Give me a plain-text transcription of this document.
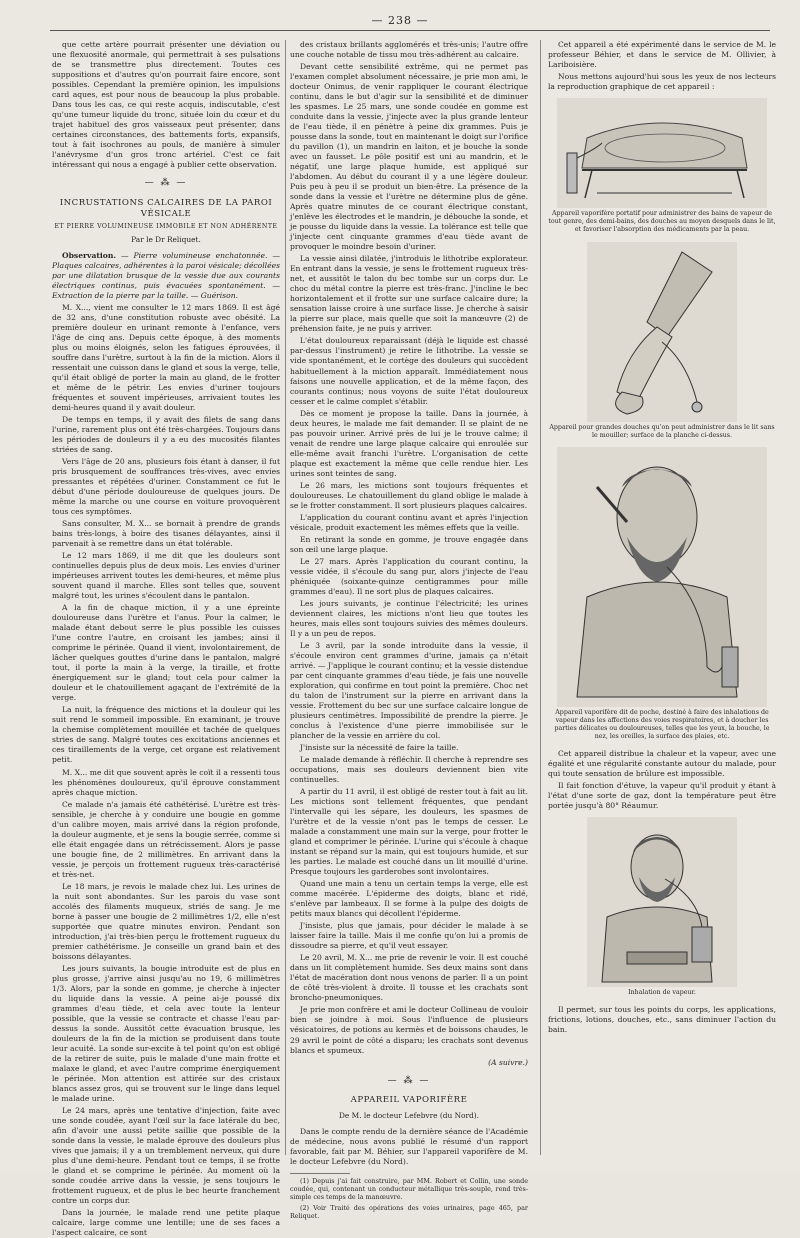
— 238 —

que cette artère pourrait présenter une déviation ou une flexuosité anormale, qui permettrait à ses pulsations de se transmettre plus directement. Toutes ces suppositions et d'autres qu'on pourrait faire encore, sont possibles. Cependant la première opinion, les impulsions card aques, est pour nous de beaucoup la plus probable. Dans tous les cas, ce qui reste acquis, indiscutable, c'est qu'une tumeur liquide du tronc, située loin du cœur et du trajet habituel des gros vaisseaux peut présenter, dans certaines circonstances, des battements forts, expansifs, tout à fait isochrones au pouls, de manière à simuler l'anévrysme d'un gros tronc artériel. C'est ce fait intéressant qui nous a engagé à publier cette observation.

— ⁂ —
INCRUSTATIONS CALCAIRES DE LA PAROI VÉSICALE
ET PIERRE VOLUMINEUSE IMMOBILE ET NON ADHÉRENTE
Par le Dr Reliquet.

Observation. — Pierre volumineuse enchatonnée. — Plaques calcaires, adhérentes à la paroi vésicale; décollées par une dilatation brusque de la vessie due aux courants électriques continus, puis évacuées spontanément. — Extraction de la pierre par la taille. — Guérison.

M. X..., vient me consulter le 12 mars 1869. Il est âgé de 32 ans, d'une constitution robuste avec obésité. La première douleur en urinant remonte à l'enfance, vers l'âge de cinq ans. Depuis cette époque, à des moments plus ou moins éloignés, selon les fatigues éprouvées, il souffre dans l'urètre, surtout à la fin de la miction. Alors il ressentait une cuisson dans le gland et sous la verge, telle, qu'il était obligé de porter la main au gland, de le frotter et même de le pétrir. Les envies d'uriner toujours fréquentes et souvent impérieuses, arrivaient toutes les demi-heures quand il y avait douleur.

De temps en temps, il y avait des filets de sang dans l'urine, rarement plus ont été très-chargées. Toujours dans les périodes de douleurs il y a eu des mucosités filantes striées de sang.

Vers l'âge de 20 ans, plusieurs fois étant à danser, il fut pris brusquement de souffrances très-vives, avec envies pressantes et répétées d'uriner. Constamment ce fut le début d'une période douloureuse de quelques jours. De même la marche ou une course en voiture provoquèrent tous ces symptômes.

Sans consulter, M. X... se bornait à prendre de grands bains très-longs, à boire des tisanes délayantes, ainsi il parvenait à se remettre dans un état tolérable.

Le 12 mars 1869, il me dit que les douleurs sont continuelles depuis plus de deux mois. Les envies d'uriner impérieuses arrivent toutes les demi-heures, et même plus souvent quand il marche. Elles sont telles que, souvent malgré tout, les urines s'écoulent dans le pantalon.

A la fin de chaque miction, il y a une épreinte douloureuse dans l'urètre et l'anus. Pour la calmer, le malade étant debout serre le plus possible les cuisses l'une contre l'autre, en croisant les jambes; ainsi il comprime le périnée. Quand il vient, involontairement, de lâcher quelques gouttes d'urine dans le pantalon, malgré tout, il porte la main à la verge, la tiraille, et frotte énergiquement sur le gland; tout cela pour calmer la douleur et le chatouillement agaçant de l'extrémité de la verge.

La nuit, la fréquence des mictions et la douleur qui les suit rend le sommeil impossible. En examinant, je trouve la chemise complètement mouillée et tachée de quelques stries de sang. Malgré toutes ces excitations anciennes et ces tiraillements de la verge, cet organe est relativement petit.

M. X... me dit que souvent après le coït il a ressenti tous les phénomènes douloureux, qu'il éprouve constamment après chaque miction.

Ce malade n'a jamais été cathétérisé. L'urètre est très-sensible, je cherche à y conduire une bougie en gomme d'un calibre moyen, mais arrivé dans la région profonde, la douleur augmente, et je sens la bougie serrée, comme si elle était engagée dans un rétrécissement. Alors je passe une bougie fine, de 2 millimètres. En arrivant dans la vessie, je perçois un frottement rugueux très-caractérisé et très-net.

Le 18 mars, je revois le malade chez lui. Les urines de la nuit sont abondantes. Sur les parois du vase sont accolés des filaments muqueux, striés de sang. Je me borne à passer une bougie de 2 millimètres 1/2, elle n'est supportée que quatre minutes environ. Pendant son introduction, j'ai très-bien perçu le frottement rugueux du premier cathétérisme. Je conseille un grand bain et des boissons délayantes.

Les jours suivants, la bougie introduite est de plus en plus grosse, j'arrive ainsi jusqu'au no 19, 6 millimètres 1/3. Alors, par la sonde en gomme, je cherche à injecter du liquide dans la vessie. A peine ai-je poussé dix grammes d'eau tiède, et cela avec toute la lenteur possible, que la vessie se contracte et chasse l'eau par-dessus la sonde. Aussitôt cette évacuation brusque, les douleurs de la fin de la miction se produisent dans toute leur acuité. La sonde sur-excite à tel point qu'on est obligé de la retirer de suite, puis le malade d'une main frotte et malaxe le gland, et avec l'autre comprime énergiquement le périnée. Mon attention est attirée sur des cristaux blancs assez gros, qui se trouvent sur le linge dans lequel le malade urine.

Le 24 mars, après une tentative d'injection, faite avec une sonde coudée, ayant l'œil sur la face latérale du bec, afin d'avoir une aussi petite saillie que possible de la sonde dans la vessie, le malade éprouve des douleurs plus vives que jamais; il y a un tremblement nerveux, qui dure plus d'une demi-heure. Pendant tout ce temps, il se frotte le gland et se comprime le périnée. Au moment où la sonde coudée arrive dans la vessie, je sens toujours le frottement rugueux, et de plus le bec heurte franchement contre un corps dur.

Dans la journée, le malade rend une petite plaque calcaire, large comme une lentille; une de ses faces a l'aspect calcaire, ce sont

des cristaux brillants agglomérés et très-unis; l'autre offre une couche notable de tissu mou très-adhérent au calcaire.

Devant cette sensibilité extrême, qui ne permet pas l'examen complet absolument nécessaire, je prie mon ami, le docteur Onimus, de venir rappliquer le courant électrique continu, dans le but d'agir sur la sensibilité et de diminuer les spasmes. Le 25 mars, une sonde coudée en gomme est conduite dans la vessie, j'injecte avec la plus grande lenteur de l'eau tiède, il en pénètre à peine dix grammes. Puis je pousse dans la sonde, tout en maintenant le doigt sur l'orifice du pavillon (1), un mandrin en laiton, et je bouche la sonde avec un fausset. Le pôle positif est uni au mandrin, et le négatif, une large plaque humide, est appliqué sur l'abdomen. Au début du courant il y a une légère douleur. Puis peu à peu il se produit un bien-être. La présence de la sonde dans la vessie et l'urètre ne détermine plus de gêne. Après quatre minutes de ce courant électrique constant, j'enlève les électrodes et le mandrin, je débouche la sonde, et je pousse du liquide dans la vessie. La tolérance est telle que j'injecte cent cinquante grammes d'eau tiède avant de provoquer le moindre besoin d'uriner.

La vessie ainsi dilatée, j'introduis le lithotribe explorateur. En entrant dans la vessie, je sens le frottement rugueux très-net, et aussitôt le talon du bec tombe sur un corps dur. Le choc du métal contre la pierre est très-franc. J'incline le bec horizontalement et il frotte sur une surface calcaire dure; la sensation laisse croire à une surface lisse. Je cherche à saisir la pierre sur place, mais quelle que soit la manœuvre (2) de préhension faite, je ne puis y arriver.

L'état douloureux reparaissant (déjà le liquide est chassé par-dessus l'instrument) je retire le lithotribe. La vessie se vide spontanément, et le cortège des douleurs qui succèdent habituellement à la miction apparaît. Immédiatement nous faisons une nouvelle application, et de la même façon, des courants continus; nous voyons de suite l'état douloureux cesser et le calme complet s'établir.

Dès ce moment je propose la taille. Dans la journée, à deux heures, le malade me fait demander. Il se plaint de ne pas pouvoir uriner. Arrivé près de lui je le trouve calme; il venait de rendre une large plaque calcaire qui enroulée sur elle-même avait franchi l'urètre. L'organisation de cette plaque est exactement la même que celle rendue hier. Les urines sont teintes de sang.

Le 26 mars, les mictions sont toujours fréquentes et douloureuses. Le chatouillement du gland oblige le malade à se le frotter constamment. Il sort plusieurs plaques calcaires.

L'application du courant continu avant et après l'injection vésicale, produit exactement les mêmes effets que la veille.

En retirant la sonde en gomme, je trouve engagée dans son œil une large plaque.

Le 27 mars. Après l'application du courant continu, la vessie vidée, il s'écoule du sang pur, alors j'injecte de l'eau phéniquée (soixante-quinze centigrammes pour mille grammes d'eau). Il ne sort plus de plaques calcaires.

Les jours suivants, je continue l'électricité; les urines deviennent claires, les mictions n'ont lieu que toutes les heures, mais elles sont toujours suivies des mêmes douleurs. Il y a un peu de repos.

Le 3 avril, par la sonde introduite dans la vessie, il s'écoule environ cent grammes d'urine, jamais ça n'était arrivé. — J'applique le courant continu; et la vessie distendue par cent cinquante grammes d'eau tiède, je fais une nouvelle exploration, qui confirme en tout point la première. Choc net du talon de l'instrument sur la pierre en arrivant dans la vessie. Frottement du bec sur une surface calcaire longue de plusieurs centimètres. Impossibilité de prendre la pierre. Je conclus à l'existence d'une pierre immobilisée sur le plancher de la vessie en arrière du col.

J'insiste sur la nécessité de faire la taille.

Le malade demande à réfléchir. Il cherche à reprendre ses occupations, mais ses douleurs deviennent bien vite continuelles.

A partir du 11 avril, il est obligé de rester tout à fait au lit. Les mictions sont tellement fréquentes, que pendant l'intervalle qui les sépare, les douleurs, les spasmes de l'urètre et de la vessie n'ont pas le temps de cesser. Le malade a constamment une main sur la verge, pour frotter le gland et comprimer le périnée. L'urine qui s'écoule à chaque instant se répand sur la main, qui est toujours humide, et sur les parties. Le malade est couché dans un lit mouillé d'urine. Presque toujours les garderobes sont involontaires.

Quand une main a tenu un certain temps la verge, elle est comme macérée. L'épiderme des doigts, blanc et ridé, s'enlève par lambeaux. Il se forme à la pulpe des doigts de petits maux blancs qui décollent l'épiderme.

J'insiste, plus que jamais, pour décider le malade à se laisser faire la taille. Mais il me confie qu'on lui a promis de dissoudre sa pierre, et qu'il veut essayer.

Le 20 avril, M. X... me prie de revenir le voir. Il est couché dans un lit complètement humide. Ses deux mains sont dans l'état de macération dont nous venons de parler. Il a un point de côté très-violent à droite. Il tousse et les crachats sont broncho-pneumoniques.

Je prie mon confrère et ami le docteur Collineau de vouloir bien se joindre à moi. Sous l'influence de plusieurs vésicatoires, de potions au kermès et de boissons chaudes, le 29 avril le point de côté a disparu; les crachats sont devenus blancs et spumeux.

(A suivre.)
— ⁂ —
APPAREIL VAPORIFÈRE
De M. le docteur Lefebvre (du Nord).

Dans le compte rendu de la dernière séance de l'Académie de médecine, nous avons publié le résumé d'un rapport favorable, fait par M. Béhier, sur l'appareil vaporifère de M. le docteur Lefebvre (du Nord).

(1) Depuis j'ai fait construire, par MM. Robert et Collin, une sonde coudée, qui, contenant un conducteur métallique très-souple, rend très-simple ces temps de la manœuvre.

(2) Voir Traité des opérations des voies urinaires, page 465, par Reliquet.

Cet appareil a été expérimenté dans le service de M. le professeur Béhier, et dans le service de M. Ollivier, à Lariboisière.

Nous mettons aujourd'hui sous les yeux de nos lecteurs la reproduction graphique de cet appareil :

Appareil vaporifère portatif pour administrer des bains de vapeur de tout genre, des demi-bains, des douches au moyen desquels dans le lit, et favoriser l'absorption des médicaments par la peau.
Appareil pour grandes douches qu'on peut administrer dans le lit sans le mouiller; surface de la planche ci-dessus.
Appareil vaporifère dit de poche, destiné à faire des inhalations de vapeur dans les affections des voies respiratoires, et à doucher les parties délicates ou douloureuses, telles que les yeux, la bouche, le nez, les oreilles, la surface des plaies, etc.

Cet appareil distribue la chaleur et la vapeur, avec une égalité et une régularité constante autour du malade, pour qui toute sensation de brûlure est impossible.

Il fait fonction d'étuve, la vapeur qu'il produit y étant à l'état d'une sorte de gaz, dont la température peut être portée jusqu'à 80° Réaumur.

Inhalation de vapeur.

Il permet, sur tous les points du corps, les applications, frictions, lotions, douches, etc., sans diminuer l'action du bain.
